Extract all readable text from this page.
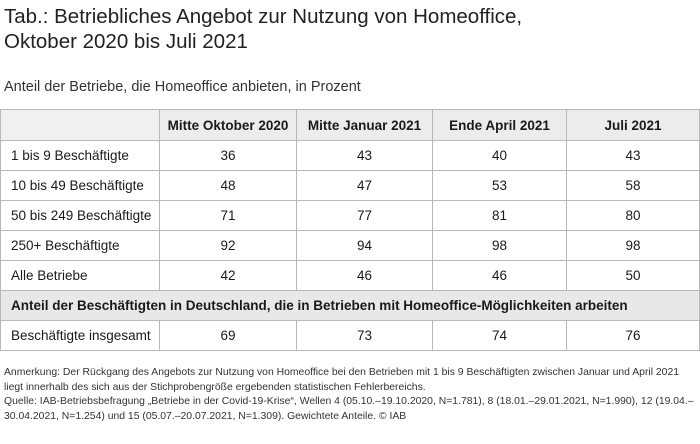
Tab.: Betriebliches Angebot zur Nutzung von Homeoffice,
Oktober 2020 bis Juli 2021

Anteil der Betriebe, die Homeoffice anbieten, in Prozent

	Mitte Oktober 2020	Mitte Januar 2021	Ende April 2021	Juli 2021
1 bis 9 Beschäftigte	36	43	40	43
10 bis 49 Beschäftigte	48	47	53	58
50 bis 249 Beschäftigte	71	77	81	80
250+ Beschäftigte	92	94	98	98
Alle Betriebe	42	46	46	50
Anteil der Beschäftigten in Deutschland, die in Betrieben mit Homeoffice-Möglichkeiten arbeiten				
Beschäftigte insgesamt	69	73	74	76

Anmerkung: Der Rückgang des Angebots zur Nutzung von Homeoffice bei den Betrieben mit 1 bis 9 Beschäftigten zwischen Januar und April 2021 liegt innerhalb des sich aus der Stichprobengröße ergebenden statistischen Fehlerbereichs.

Quelle: IAB-Betriebsbefragung „Betriebe in der Covid-19-Krise“, Wellen 4 (05.10.–19.10.2020, N=1.781), 8 (18.01.–29.01.2021, N=1.990), 12 (19.04.–30.04.2021, N=1.254) und 15 (05.07.–20.07.2021, N=1.309). Gewichtete Anteile. © IAB
